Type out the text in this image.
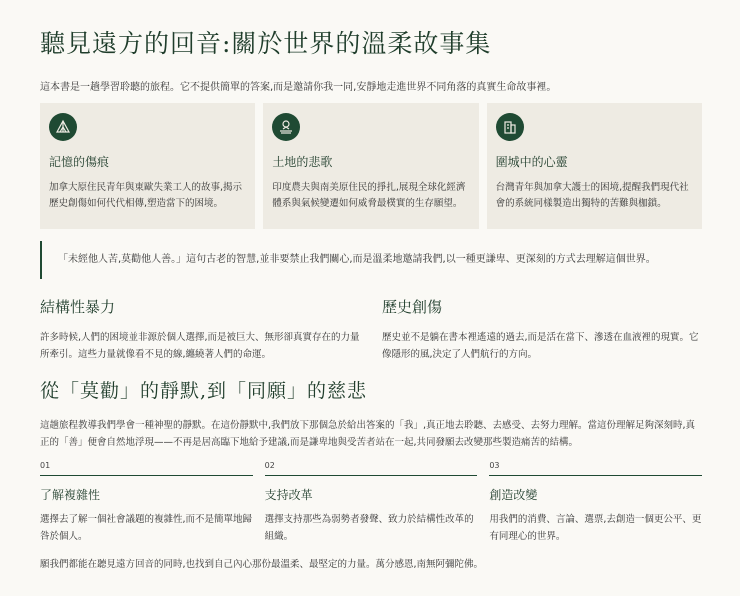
聽見遠方的回音:關於世界的溫柔故事集
這本書是一趟學習聆聽的旅程。它不提供簡單的答案,而是邀請你我一同,安靜地走進世界不同角落的真實生命故事裡。
記憶的傷痕
加拿大原住民青年與東歐失業工人的故事,揭示歷史創傷如何代代相傳,塑造當下的困境。
土地的悲歌
印度農夫與南美原住民的掙扎,展現全球化經濟體系與氣候變遷如何威脅最樸實的生存願望。
圍城中的心靈
台灣青年與加拿大護士的困境,提醒我們現代社會的系統同樣製造出獨特的苦難與枷鎖。
「未經他人苦,莫勸他人善。」這句古老的智慧,並非要禁止我們關心,而是溫柔地邀請我們,以一種更謙卑、更深刻的方式去理解這個世界。
結構性暴力
許多時候,人們的困境並非源於個人選擇,而是被巨大、無形卻真實存在的力量所牽引。這些力量就像看不見的線,纏繞著人們的命運。
歷史創傷
歷史並不是躺在書本裡遙遠的過去,而是活在當下、滲透在血液裡的現實。它像隱形的風,決定了人們航行的方向。
從「莫勸」的靜默,到「同願」的慈悲
這趟旅程教導我們學會一種神聖的靜默。在這份靜默中,我們放下那個急於給出答案的「我」,真正地去聆聽、去感受、去努力理解。當這份理解足夠深刻時,真正的「善」便會自然地浮現——不再是居高臨下地給予建議,而是謙卑地與受苦者站在一起,共同發願去改變那些製造痛苦的結構。
01
了解複雜性
選擇去了解一個社會議題的複雜性,而不是簡單地歸咎於個人。
02
支持改革
選擇支持那些為弱勢者發聲、致力於結構性改革的組織。
03
創造改變
用我們的消費、言論、選票,去創造一個更公平、更有同理心的世界。
願我們都能在聽見遠方回音的同時,也找到自己內心那份最溫柔、最堅定的力量。萬分感恩,南無阿彌陀佛。
